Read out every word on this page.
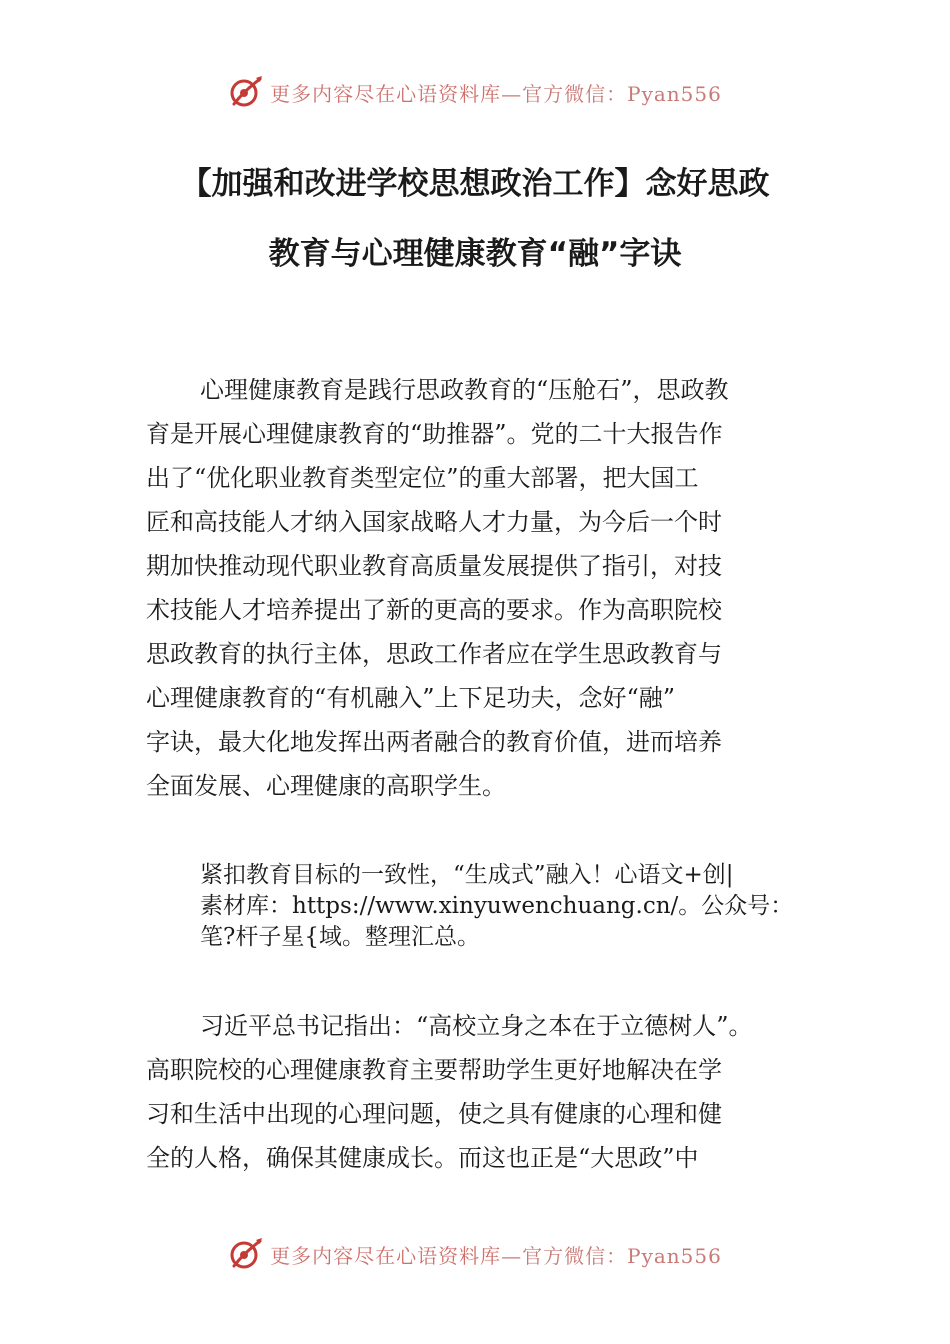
更多内容尽在心语资料库 —官方微信：Pyan556
【加强和改进学校思想政治工作】念好思政
教育与心理健康教育“融”字诀
心理健康教育是践行思政教育的“压舱石”，思政教
育是开展心理健康教育的“助推器”。党的二十大报告作
出了“优化职业教育类型定位”的重大部署，把大国工
匠和高技能人才纳入国家战略人才力量，为今后一个时
期加快推动现代职业教育高质量发展提供了指引，对技
术技能人才培养提出了新的更高的要求。作为高职院校
思政教育的执行主体，思政工作者应在学生思政教育与
心理健康教育的“有机融入”上下足功夫，念好“融”
字诀，最大化地发挥出两者融合的教育价值，进而培养
全面发展、心理健康的高职学生。
紧扣教育目标的一致性，“生成式”融入！心语文+创|
素材库：https://www.xinyuwenchuang.cn/。公众号：
笔?杆子星{域。整理汇总。
习近平总书记指出：“高校立身之本在于立德树人”。
高职院校的心理健康教育主要帮助学生更好地解决在学
习和生活中出现的心理问题，使之具有健康的心理和健
全的人格，确保其健康成长。而这也正是“大思政”中
更多内容尽在心语资料库 —官方微信：Pyan556
